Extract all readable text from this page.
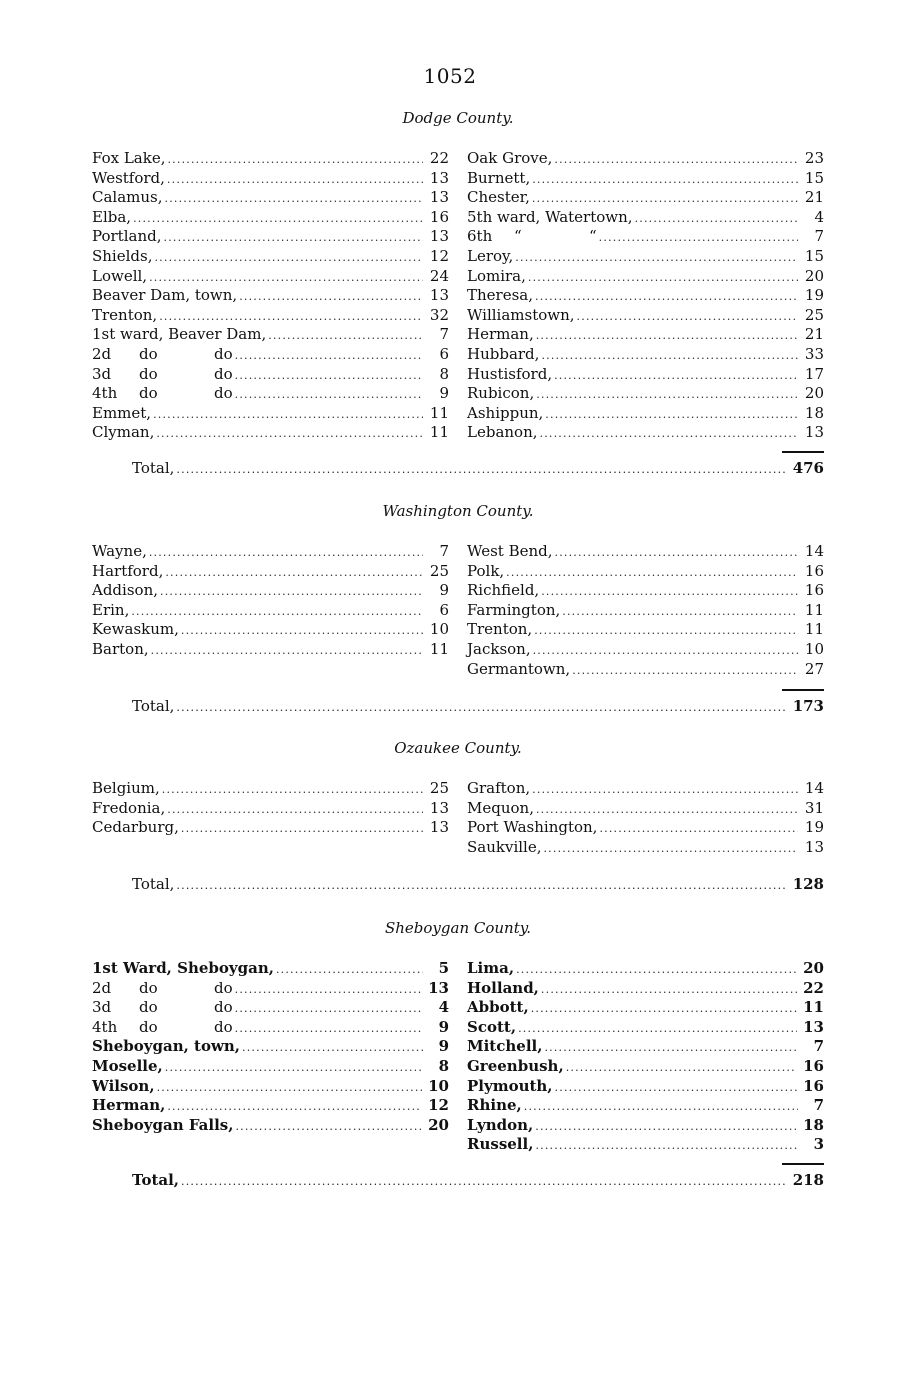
1052
Dodge County.
Fox Lake, .....	22
Westford, .....	13
Calamus, .....	13
Elba, .....	16
Portland, .....	13
Shields, .....	12
Lowell, .....	24
Beaver Dam, town, .....	13
Trenton, .....	32
1st ward, Beaver Dam, .....	7
2d	do	do .....	6
3d	do	do .....	8
4th	do	do .....	9
Emmet, .....	11
Clyman, .....	11
Oak Grove, .....	23
Burnett, .....	15
Chester, .....	21
5th ward, Watertown, .....	4
6th	“	“ .....	7
Leroy, .....	15
Lomira, .....	20
Theresa, .....	19
Williamstown, .....	25
Herman, .....	21
Hubbard, .....	33
Hustisford, .....	17
Rubicon, .....	20
Ashippun, .....	18
Lebanon, .....	13
Total, .....	476
Washington County.
Wayne, .....	7
Hartford, .....	25
Addison, .....	9
Erin, .....	6
Kewaskum, .....	10
Barton, .....	11
West Bend, .....	14
Polk, .....	16
Richfield, .....	16
Farmington, .....	11
Trenton, .....	11
Jackson, .....	10
Germantown, .....	27
Total, .....	173
Ozaukee County.
Belgium, .....	25
Fredonia, .....	13
Cedarburg, .....	13
Grafton, .....	14
Mequon, .....	31
Port Washington, .....	19
Saukville, .....	13
Total, .....	128
Sheboygan County.
1st Ward, Sheboygan, .....	5
2d	do	do .....	13
3d	do	do .....	4
4th	do	do .....	9
Sheboygan, town, .....	9
Moselle, .....	8
Wilson, .....	10
Herman, .....	12
Sheboygan Falls, .....	20
Lima, .....	20
Holland, .....	22
Abbott, .....	11
Scott, .....	13
Mitchell, .....	7
Greenbush, .....	16
Plymouth, .....	16
Rhine, .....	7
Lyndon, .....	18
Russell, .....	3
Total, .....	218
